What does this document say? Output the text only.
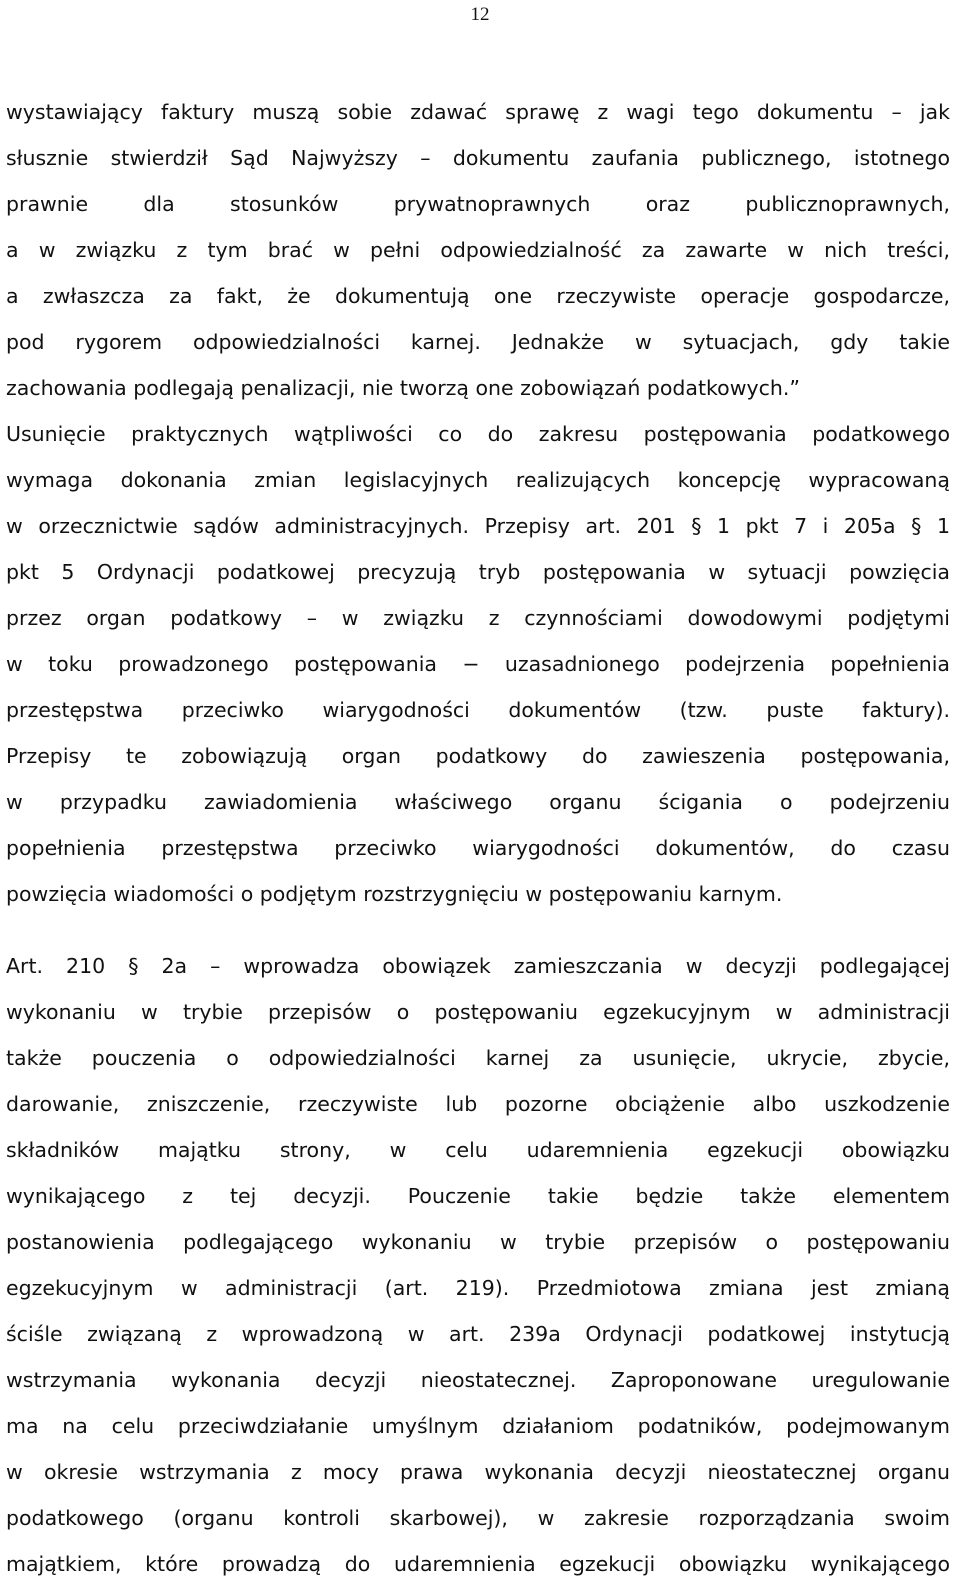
12
wystawiający faktury muszą sobie zdawać sprawę z wagi tego dokumentu – jak
słusznie stwierdził Sąd Najwyższy – dokumentu zaufania publicznego, istotnego
prawnie dla stosunków prywatnoprawnych oraz publicznoprawnych,
a w związku z tym brać w pełni odpowiedzialność za zawarte w nich treści,
a zwłaszcza za fakt, że dokumentują one rzeczywiste operacje gospodarcze,
pod rygorem odpowiedzialności karnej. Jednakże w sytuacjach, gdy takie
zachowania podlegają penalizacji, nie tworzą one zobowiązań podatkowych.”
Usunięcie praktycznych wątpliwości co do zakresu postępowania podatkowego
wymaga dokonania zmian legislacyjnych realizujących koncepcję wypracowaną
w orzecznictwie sądów administracyjnych. Przepisy art. 201 § 1 pkt 7 i 205a § 1
pkt 5 Ordynacji podatkowej precyzują tryb postępowania w sytuacji powzięcia
przez organ podatkowy – w związku z czynnościami dowodowymi podjętymi
w toku prowadzonego postępowania − uzasadnionego podejrzenia popełnienia
przestępstwa przeciwko wiarygodności dokumentów (tzw. puste faktury).
Przepisy te zobowiązują organ podatkowy do zawieszenia postępowania,
w przypadku zawiadomienia właściwego organu ścigania o podejrzeniu
popełnienia przestępstwa przeciwko wiarygodności dokumentów, do czasu
powzięcia wiadomości o podjętym rozstrzygnięciu w postępowaniu karnym.
Art. 210 § 2a – wprowadza obowiązek zamieszczania w decyzji podlegającej
wykonaniu w trybie przepisów o postępowaniu egzekucyjnym w administracji
także pouczenia o odpowiedzialności karnej za usunięcie, ukrycie, zbycie,
darowanie, zniszczenie, rzeczywiste lub pozorne obciążenie albo uszkodzenie
składników majątku strony, w celu udaremnienia egzekucji obowiązku
wynikającego z tej decyzji. Pouczenie takie będzie także elementem
postanowienia podlegającego wykonaniu w trybie przepisów o postępowaniu
egzekucyjnym w administracji (art. 219). Przedmiotowa zmiana jest zmianą
ściśle związaną z wprowadzoną w art. 239a Ordynacji podatkowej instytucją
wstrzymania wykonania decyzji nieostatecznej. Zaproponowane uregulowanie
ma na celu przeciwdziałanie umyślnym działaniom podatników, podejmowanym
w okresie wstrzymania z mocy prawa wykonania decyzji nieostatecznej organu
podatkowego (organu kontroli skarbowej), w zakresie rozporządzania swoim
majątkiem, które prowadzą do udaremnienia egzekucji obowiązku wynikającego
